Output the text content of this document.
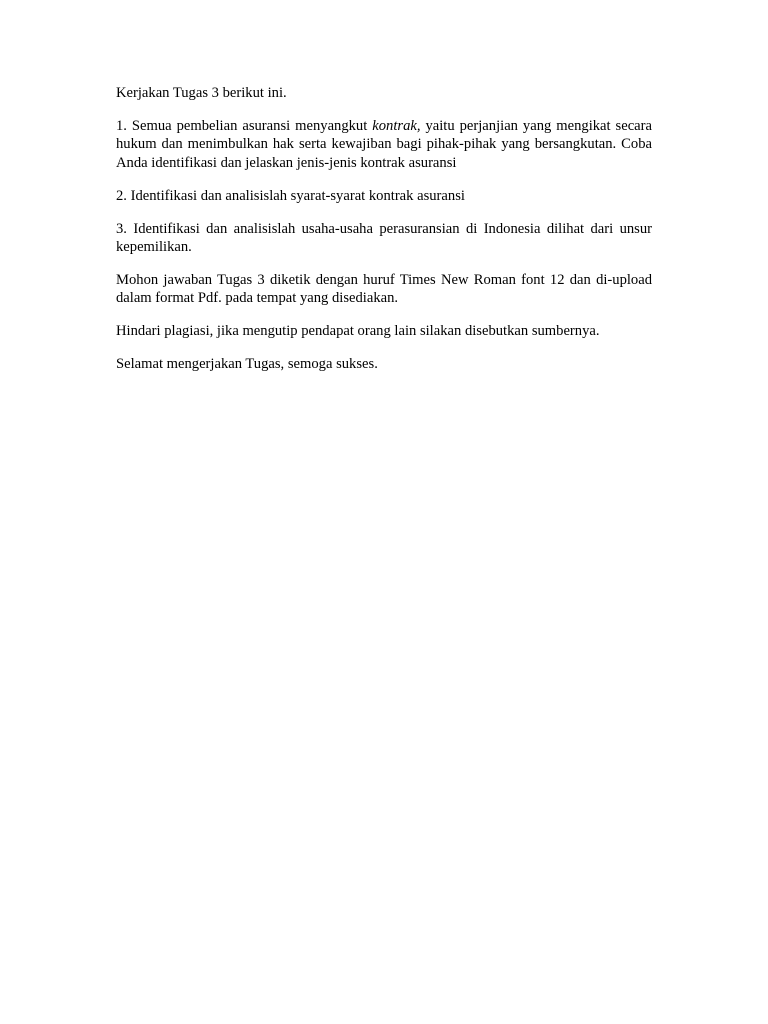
Kerjakan Tugas 3 berikut ini.

1. Semua pembelian asuransi menyangkut kontrak, yaitu perjanjian yang mengikat secara hukum dan menimbulkan hak serta kewajiban bagi pihak-pihak yang bersangkutan. Coba Anda identifikasi dan jelaskan jenis-jenis kontrak asuransi

2. Identifikasi dan analisislah syarat-syarat kontrak asuransi

3. Identifikasi dan analisislah usaha-usaha perasuransian di Indonesia dilihat dari unsur kepemilikan.

Mohon jawaban Tugas 3 diketik dengan huruf Times New Roman font 12 dan di-upload dalam format Pdf. pada tempat yang disediakan.

Hindari plagiasi, jika mengutip pendapat orang lain silakan disebutkan sumbernya.

Selamat mengerjakan Tugas, semoga sukses.
